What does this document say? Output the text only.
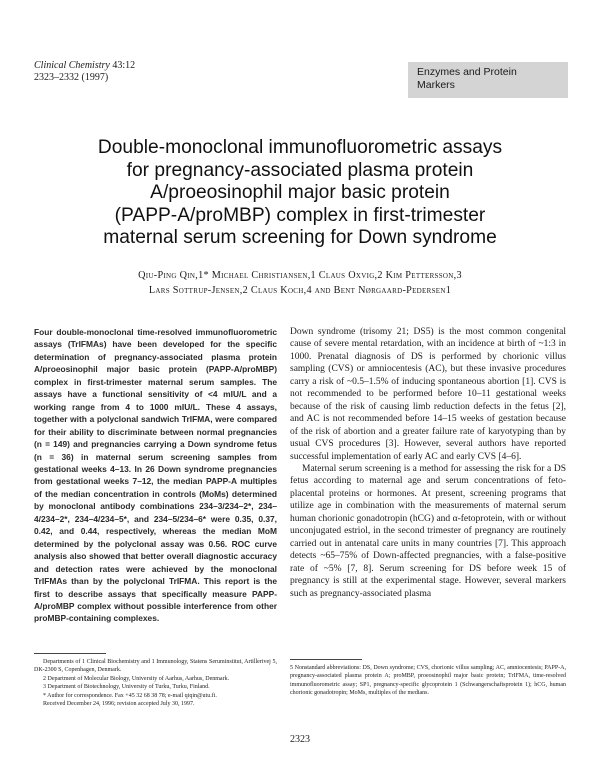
Clinical Chemistry 43:12
2323–2332 (1997)	Enzymes and Protein
Markers
Double-monoclonal immunofluorometric assays
for pregnancy-associated plasma protein
A/proeosinophil major basic protein
(PAPP-A/proMBP) complex in first-trimester
maternal serum screening for Down syndrome
Qiu-Ping Qin,1* Michael Christiansen,1 Claus Oxvig,2 Kim Pettersson,3
Lars Sottrup-Jensen,2 Claus Koch,4 and Bent Nørgaard-Pedersen1
Four double-monoclonal time-resolved immunofluorometric assays (TrIFMAs) have been developed for the specific determination of pregnancy-associated plasma protein A/proeosinophil major basic protein (PAPP-A/proMBP) complex in first-trimester maternal serum samples. The assays have a functional sensitivity of <4 mIU/L and a working range from 4 to 1000 mIU/L. These 4 assays, together with a polyclonal sandwich TrIFMA, were compared for their ability to discriminate between normal pregnancies (n = 149) and pregnancies carrying a Down syndrome fetus (n = 36) in maternal serum screening samples from gestational weeks 4–13. In 26 Down syndrome pregnancies from gestational weeks 7–12, the median PAPP-A multiples of the median concentration in controls (MoMs) determined by monoclonal antibody combinations 234–3/234–2*, 234–4/234–2*, 234–4/234–5*, and 234–5/234–6* were 0.35, 0.37, 0.42, and 0.44, respectively, whereas the median MoM determined by the polyclonal assay was 0.56. ROC curve analysis also showed that better overall diagnostic accuracy and detection rates were achieved by the monoclonal TrIFMAs than by the polyclonal TrIFMA. This report is the first to describe assays that specifically measure PAPP-A/proMBP complex without possible interference from other proMBP-containing complexes.

Down syndrome (trisomy 21; DS5) is the most common congenital cause of severe mental retardation, with an incidence at birth of ~1:3 in 1000. Prenatal diagnosis of DS is performed by chorionic villus sampling (CVS) or amniocentesis (AC), but these invasive procedures carry a risk of ~0.5–1.5% of inducing spontaneous abortion [1]. CVS is not recommended to be performed before 10–11 gestational weeks because of the risk of causing limb reduction defects in the fetus [2], and AC is not recommended before 14–15 weeks of gestation because of the risk of abortion and a greater failure rate of karyotyping than by usual CVS procedures [3]. However, several authors have reported successful implementation of early AC and early CVS [4–6].

Maternal serum screening is a method for assessing the risk for a DS fetus according to maternal age and serum concentrations of feto-placental proteins or hormones. At present, screening programs that utilize age in combination with the measurements of maternal serum human chorionic gonadotropin (hCG) and α-fetoprotein, with or without unconjugated estriol, in the second trimester of pregnancy are routinely carried out in antenatal care units in many countries [7]. This approach detects ~65–75% of Down-affected pregnancies, with a false-positive rate of ~5% [7, 8]. Serum screening for DS before week 15 of pregnancy is still at the experimental stage. However, several markers such as pregnancy-associated plasma

Departments of 1 Clinical Biochemistry and 1 Immunology, Statens Seruminstitut, Artillerivej 5, DK-2300 S, Copenhagen, Denmark.

2 Department of Molecular Biology, University of Aarhus, Aarhus, Denmark.

3 Department of Biotechnology, University of Turku, Turku, Finland.

* Author for correspondence. Fax +45 32 68 38 78; e-mail qiqin@utu.fi.

Received December 24, 1996; revision accepted July 30, 1997.

5 Nonstandard abbreviations: DS, Down syndrome; CVS, chorionic villus sampling; AC, amniocentesis; PAPP-A, pregnancy-associated plasma protein A; proMBP, proeosinophil major basic protein; TrIFMA, time-resolved immunofluorometric assay; SP1, pregnancy-specific glycoprotein 1 (Schwangerschaftsprotein 1); hCG, human chorionic gonadotropin; MoMs, multiples of the medians.
2323
